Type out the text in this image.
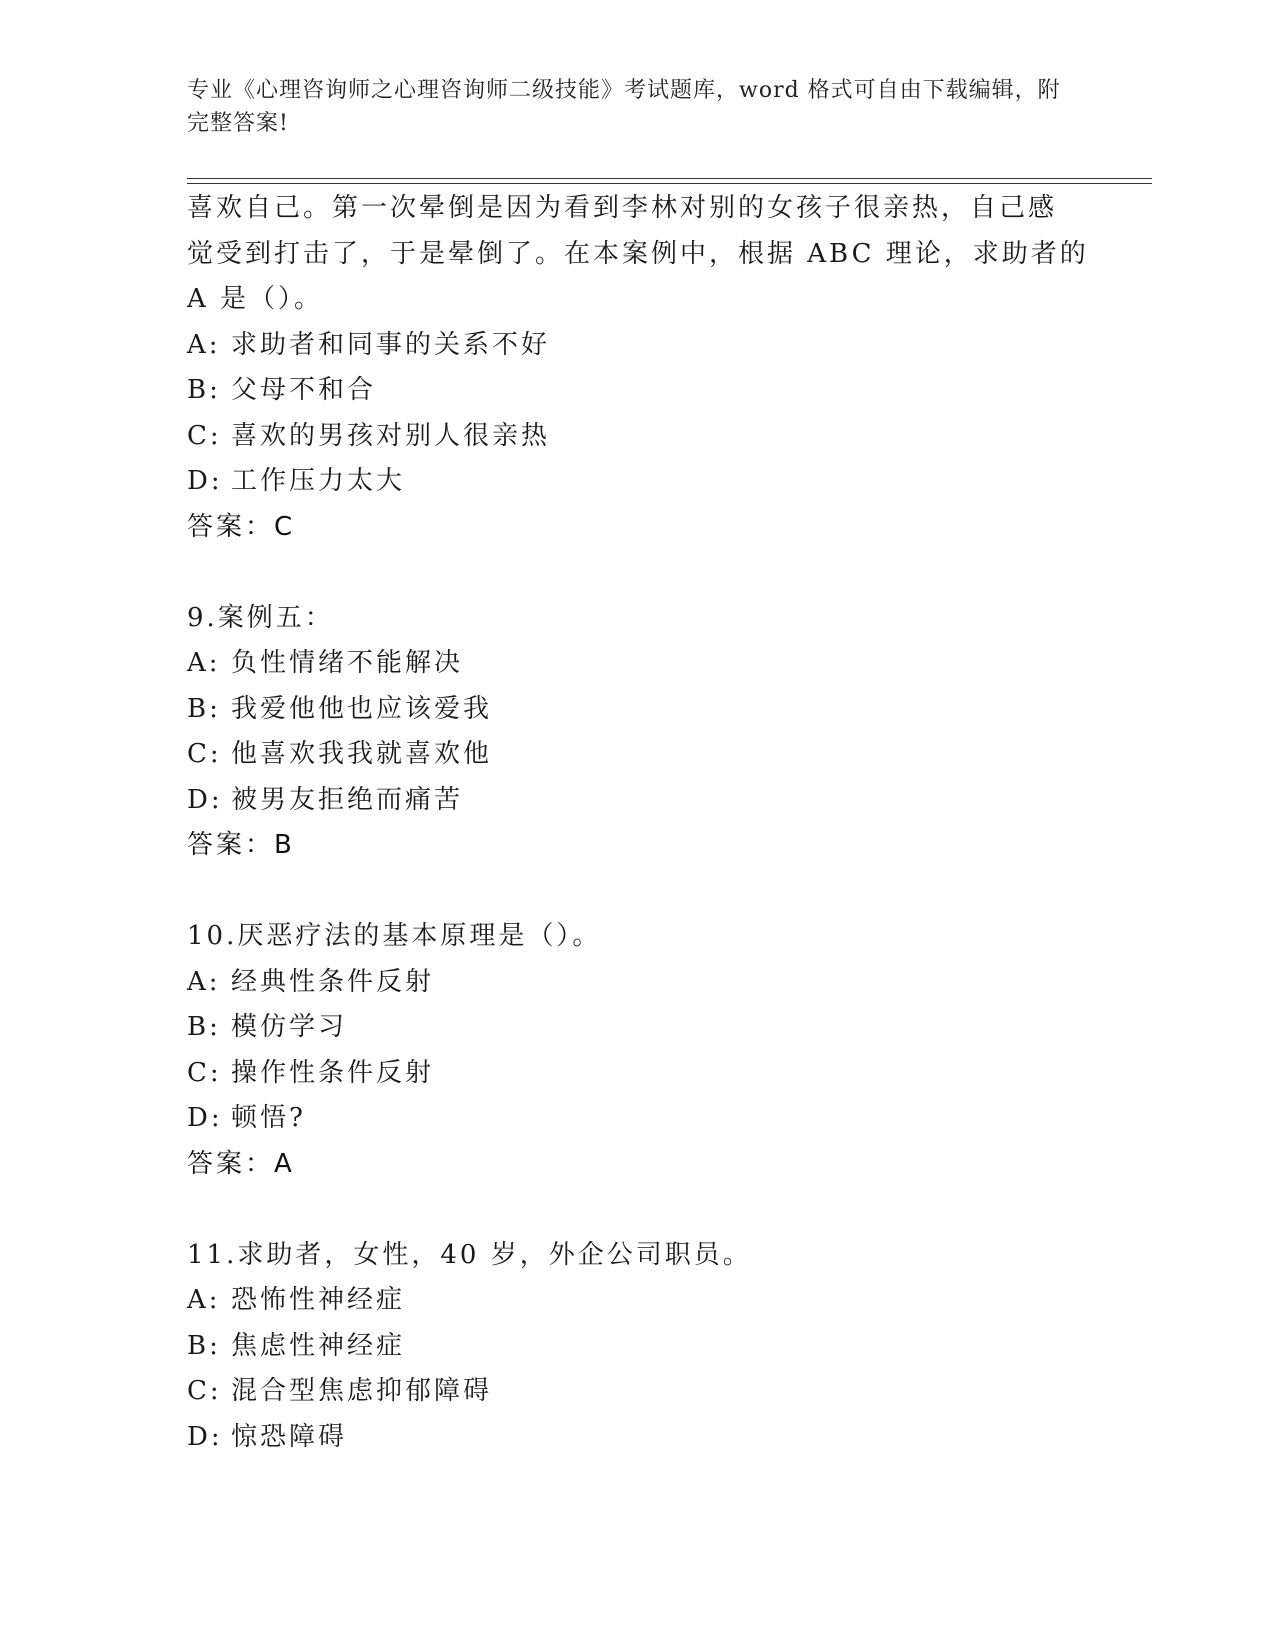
专业《心理咨询师之心理咨询师二级技能》考试题库，word 格式可自由下载编辑，附完整答案!
喜欢自己。第一次晕倒是因为看到李林对别的女孩子很亲热，自己感
觉受到打击了，于是晕倒了。在本案例中，根据 ABC 理论，求助者的
A 是（）。
A: 求助者和同事的关系不好
B: 父母不和合
C: 喜欢的男孩对别人很亲热
D: 工作压力太大
答案：C
9.案例五：
A: 负性情绪不能解决
B: 我爱他他也应该爱我
C: 他喜欢我我就喜欢他
D: 被男友拒绝而痛苦
答案：B
10.厌恶疗法的基本原理是（）。
A: 经典性条件反射
B: 模仿学习
C: 操作性条件反射
D: 顿悟?
答案：A
11.求助者，女性，40 岁，外企公司职员。
A: 恐怖性神经症
B: 焦虑性神经症
C: 混合型焦虑抑郁障碍
D: 惊恐障碍
